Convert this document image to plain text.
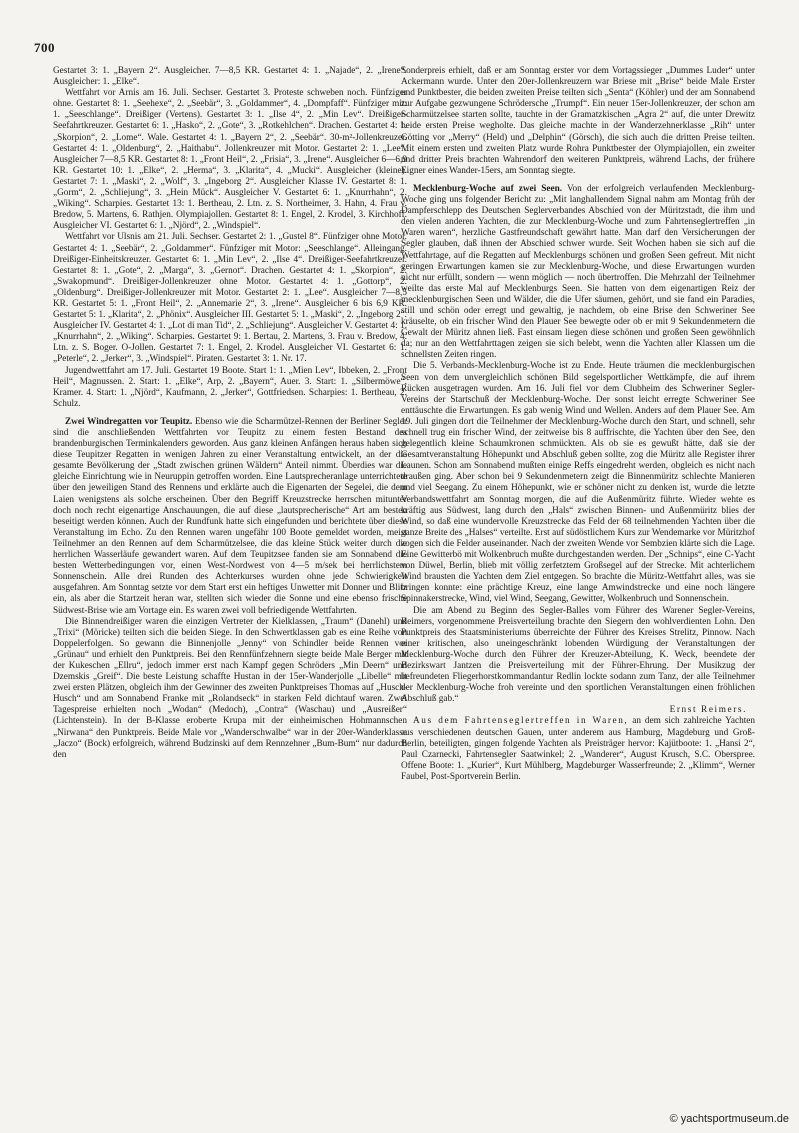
700

Gestartet 3: 1. „Bayern 2“. Ausgleicher. 7—8,5 KR. Gestartet 4: 1. „Najade“, 2. „Irene“. Ausgleicher: 1. „Elke“.

Wettfahrt vor Arnis am 16. Juli. Sechser. Gestartet 3. Proteste schweben noch. Fünfziger ohne. Gestartet 8: 1. „Seehexe“, 2. „Seebär“, 3. „Goldammer“, 4. „Dompfaff“. Fünfziger mit: 1. „Seeschlange“. Dreißiger (Vertens). Gestartet 3: 1. „Ilse 4“, 2. „Min Lev“. Dreißiger-Seefahrtkreuzer. Gestartet 6: 1. „Hasko“, 2. „Gote“, 3. „Rotkehlchen“. Drachen. Gestartet 4: 1. „Skorpion“, 2. „Lome“. Wale. Gestartet 4: 1. „Bayern 2“, 2. „Seebär“. 30-m²-Jollenkreuzer. Gestartet 4: 1. „Oldenburg“, 2. „Haithabu“. Jollenkreuzer mit Motor. Gestartet 2: 1. „Lee“. Ausgleicher 7—8,5 KR. Gestartet 8: 1. „Front Heil“, 2. „Frisia“, 3. „Irene“. Ausgleicher 6—6,9 KR. Gestartet 10: 1. „Elke“, 2. „Herma“, 3. „Klarita“, 4. „Mucki“. Ausgleicher (kleine). Gestartet 7: 1. „Maski“, 2. „Wolf“, 3. „Ingeborg 2“. Ausgleicher Klasse IV. Gestartet 8: 1. „Gorm“, 2. „Schliejung“, 3. „Hein Mück“. Ausgleicher V. Gestartet 6: 1. „Knurrhahn“, 2. „Wiking“. Scharpies. Gestartet 13: 1. Bertheau, 2. Ltn. z. S. Northeimer, 3. Hahn, 4. Frau v. Bredow, 5. Martens, 6. Rathjen. Olympiajollen. Gestartet 8: 1. Engel, 2. Krodel, 3. Kirchhoff. Ausgleicher VI. Gestartet 6: 1. „Njörd“, 2. „Windspiel“.

Wettfahrt vor Ulsnis am 21. Juli. Sechser. Gestartet 2: 1. „Gustel 8“. Fünfziger ohne Motor. Gestartet 4: 1. „Seebär“, 2. „Goldammer“. Fünfziger mit Motor: „Seeschlange“. Alleingang. Dreißiger-Einheitskreuzer. Gestartet 6: 1. „Min Lev“, 2. „Ilse 4“. Dreißiger-Seefahrtkreuzer. Gestartet 8: 1. „Gote“, 2. „Marga“, 3. „Gernot“. Drachen. Gestartet 4: 1. „Skorpion“, 2. „Swakopmund“. Dreißiger-Jollenkreuzer ohne Motor. Gestartet 4: 1. „Gottorp“, 2. „Oldenburg“. Dreißiger-Jollenkreuzer mit Motor. Gestartet 2: 1. „Lee“. Ausgleicher 7—8,5 KR. Gestartet 5: 1. „Front Heil“, 2. „Annemarie 2“, 3. „Irene“. Ausgleicher 6 bis 6,9 KR. Gestartet 5: 1. „Klarita“, 2. „Phönix“. Ausgleicher III. Gestartet 5: 1. „Maski“, 2. „Ingeborg 2“. Ausgleicher IV. Gestartet 4: 1. „Lot di man Tid“, 2. „Schliejung“. Ausgleicher V. Gestartet 4: 1. „Knurrhahn“, 2. „Wiking“. Scharpies. Gestartet 9: 1. Bertau, 2. Martens, 3. Frau v. Bredow, 4. Ltn. z. S. Boger. O-Jollen. Gestartet 7: 1. Engel, 2. Krodel. Ausgleicher VI. Gestartet 6: 1. „Peterle“, 2. „Jerker“, 3. „Windspiel“. Piraten. Gestartet 3: 1. Nr. 17.

Jugendwettfahrt am 17. Juli. Gestartet 19 Boote. Start 1: 1. „Mien Lev“, Ibbeken, 2. „Front Heil“, Magnussen. 2. Start: 1. „Elke“, Arp, 2. „Bayern“, Auer. 3. Start: 1. „Silbermöwe“, Kramer. 4. Start: 1. „Njörd“, Kaufmann, 2. „Jerker“, Gottfriedsen. Scharpies: 1. Bertheau, 2. Schulz.

Zwei Windregatten vor Teupitz. Ebenso wie die Scharmützel-Rennen der Berliner Segler sind die anschließenden Wettfahrten vor Teupitz zu einem festen Bestand des brandenburgischen Terminkalenders geworden. Aus ganz kleinen Anfängen heraus haben sich diese Teupitzer Regatten in wenigen Jahren zu einer Veranstaltung entwickelt, an der die gesamte Bevölkerung der „Stadt zwischen grünen Wäldern“ Anteil nimmt. Überdies war die gleiche Einrichtung wie in Neuruppin getroffen worden. Eine Lautsprecheranlage unterrichtete über den jeweiligen Stand des Rennens und erklärte auch die Eigenarten der Segelei, die dem Laien wenigstens als solche erscheinen. Über den Begriff Kreuzstrecke herrschen mitunter doch noch recht eigenartige Anschauungen, die auf diese „lautsprecherische“ Art am besten beseitigt werden können. Auch der Rundfunk hatte sich eingefunden und berichtete über diese Veranstaltung im Echo. Zu den Rennen waren ungefähr 100 Boote gemeldet worden, meist Teilnehmer an den Rennen auf dem Scharmützelsee, die das kleine Stück weiter durch die herrlichen Wasserläufe gewandert waren. Auf dem Teupitzsee fanden sie am Sonnabend die besten Wetterbedingungen vor, einen West-Nordwest von 4—5 m/sek bei herrlichstem Sonnenschein. Alle drei Runden des Achterkurses wurden ohne jede Schwierigkeit ausgefahren. Am Sonntag setzte vor dem Start erst ein heftiges Unwetter mit Donner und Blitz ein, als aber die Startzeit heran war, stellten sich wieder die Sonne und eine ebenso frische Südwest-Brise wie am Vortage ein. Es waren zwei voll befriedigende Wettfahrten.

Die Binnendreißiger waren die einzigen Vertreter der Kielklassen, „Traum“ (Danehl) und „Trixi“ (Möricke) teilten sich die beiden Siege. In den Schwertklassen gab es eine Reihe von Doppelerfolgen. So gewann die Binnenjolle „Jenny“ von Schindler beide Rennen vor „Grünau“ und erhielt den Punktpreis. Bei den Rennfünfzehnern siegte beide Male Berger mit der Kukeschen „Ellru“, jedoch immer erst nach Kampf gegen Schröders „Min Deern“ und Dzemskis „Greif“. Die beste Leistung schaffte Hustan in der 15er-Wanderjolle „Libelle“ mit zwei ersten Plätzen, obgleich ihm der Gewinner des zweiten Punktpreises Thomas auf „Husch-Husch“ und am Sonnabend Franke mit „Rolandseck“ in starken Feld dichtauf waren. Zwei Tagespreise erhielten noch „Wodan“ (Medoch), „Contra“ (Waschau) und „Ausreißer“ (Lichtenstein). In der B-Klasse eroberte Krupa mit der einheimischen Hohmannschen „Nirwana“ den Punktpreis. Beide Male vor „Wanderschwalbe“ war in der 20er-Wanderklasse „Jaczo“ (Bock) erfolgreich, während Budzinski auf dem Rennzehner „Bum-Bum“ nur dadurch den

Sonderpreis erhielt, daß er am Sonntag erster vor dem Vortagssieger „Dummes Luder“ unter Ackermann wurde. Unter den 20er-Jollenkreuzern war Briese mit „Brise“ beide Male Erster und Punktbester, die beiden zweiten Preise teilten sich „Senta“ (Köhler) und der am Sonnabend zur Aufgabe gezwungene Schrödersche „Trumpf“. Ein neuer 15er-Jollenkreuzer, der schon am Scharmützelsee starten sollte, tauchte in der Gramatzkischen „Agra 2“ auf, die unter Drewitz beide ersten Preise wegholte. Das gleiche machte in der Wanderzehnerklasse „Rih“ unter Götting vor „Merry“ (Held) und „Delphin“ (Görsch), die sich auch die dritten Preise teilten. Mit einem ersten und zweiten Platz wurde Rohra Punktbester der Olympiajollen, ein zweiter und dritter Preis brachten Wahrendorf den weiteren Punktpreis, während Lachs, der frühere Eigner eines Wander-15ers, am Sonntag siegte.

Mecklenburg-Woche auf zwei Seen. Von der erfolgreich verlaufenden Mecklenburg-Woche ging uns folgender Bericht zu: „Mit langhallendem Signal nahm am Montag früh der Dampferschlepp des Deutschen Seglerverbandes Abschied von der Müritzstadt, die ihm und den vielen anderen Yachten, die zur Mecklenburg-Woche und zum Fahrtenseglertreffen „in Waren waren“, herzliche Gastfreundschaft gewährt hatte. Man darf den Versicherungen der Segler glauben, daß ihnen der Abschied schwer wurde. Seit Wochen haben sie sich auf die Wettfahrtage, auf die Regatten auf Mecklenburgs schönen und großen Seen gefreut. Mit nicht geringen Erwartungen kamen sie zur Mecklenburg-Woche, und diese Erwartungen wurden nicht nur erfüllt, sondern — wenn möglich — noch übertroffen. Die Mehrzahl der Teilnehmer weilte das erste Mal auf Mecklenburgs Seen. Sie hatten von dem eigenartigen Reiz der mecklenburgischen Seen und Wälder, die die Ufer säumen, gehört, und sie fand ein Paradies, still und schön oder erregt und gewaltig, je nachdem, ob eine Brise den Schweriner See kräuselte, ob ein frischer Wind den Plauer See bewegte oder ob er mit 9 Sekundenmetern die Gewalt der Müritz ahnen ließ. Fast einsam liegen diese schönen und großen Seen gewöhnlich da; nur an den Wettfahrttagen zeigen sie sich belebt, wenn die Yachten aller Klassen um die schnellsten Zeiten ringen.

Die 5. Verbands-Mecklenburg-Woche ist zu Ende. Heute träumen die mecklenburgischen Seen von dem unvergleichlich schönen Bild segelsportlicher Wettkämpfe, die auf ihrem Rücken ausgetragen wurden. Am 16. Juli fiel vor dem Clubheim des Schweriner Segler-Vereins der Startschuß der Mecklenburg-Woche. Der sonst leicht erregte Schweriner See enttäuschte die Erwartungen. Es gab wenig Wind und Wellen. Anders auf dem Plauer See. Am 19. Juli gingen dort die Teilnehmer der Mecklenburg-Woche durch den Start, und schnell, sehr schnell trug ein frischer Wind, der zeitweise bis 8 auffrischte, die Yachten über den See, den gelegentlich kleine Schaumkronen schmückten. Als ob sie es gewußt hätte, daß sie der Gesamtveranstaltung Höhepunkt und Abschluß geben sollte, zog die Müritz alle Register ihrer Launen. Schon am Sonnabend mußten einige Reffs eingedreht werden, obgleich es nicht nach draußen ging. Aber schon bei 9 Sekundenmetern zeigt die Binnenmüritz schlechte Manieren und viel Seegang. Zu einem Höhepunkt, wie er schöner nicht zu denken ist, wurde die letzte Verbandswettfahrt am Sonntag morgen, die auf die Außenmüritz führte. Wieder wehte es kräftig aus Südwest, lang durch den „Hals“ zwischen Binnen- und Außenmüritz blies der Wind, so daß eine wundervolle Kreuzstrecke das Feld der 68 teilnehmenden Yachten über die ganze Breite des „Halses“ verteilte. Erst auf südöstlichem Kurs zur Wendemarke vor Müritzhof zogen sich die Felder auseinander. Nach der zweiten Wende vor Sembzien klärte sich die Lage. Eine Gewitterbö mit Wolkenbruch mußte durchgestanden werden. Der „Schnips“, eine C-Yacht von Düwel, Berlin, blieb mit völlig zerfetztem Großsegel auf der Strecke. Mit achterlichem Wind brausten die Yachten dem Ziel entgegen. So brachte die Müritz-Wettfahrt alles, was sie bringen konnte: eine prächtige Kreuz, eine lange Amwindstrecke und eine noch längere Spinnakerstrecke, Wind, viel Wind, Seegang, Gewitter, Wolkenbruch und Sonnenschein.

Die am Abend zu Beginn des Segler-Balles vom Führer des Warener Segler-Vereins, Reimers, vorgenommene Preisverteilung brachte den Siegern den wohlverdienten Lohn. Den Punktpreis des Staatsministeriums überreichte der Führer des Kreises Strelitz, Pinnow. Nach einer kritischen, also uneingeschränkt lobenden Würdigung der Veranstaltungen der Mecklenburg-Woche durch den Führer der Kreuzer-Abteilung, K. Weck, beendete der Bezirkswart Jantzen die Preisverteilung mit der Führer-Ehrung. Der Musikzug der befreundeten Fliegerhorstkommandantur Redlin lockte sodann zum Tanz, der alle Teilnehmer der Mecklenburg-Woche froh vereinte und den sportlichen Veranstaltungen einen fröhlichen Abschluß gab.“

Ernst Reimers.

Aus dem Fahrtenseglertreffen in Waren, an dem sich zahlreiche Yachten aus verschiedenen deutschen Gauen, unter anderem aus Hamburg, Magdeburg und Groß-Berlin, beteiligten, gingen folgende Yachten als Preisträger hervor: Kajütboote: 1. „Hansi 2“, Paul Czarnecki, Fahrtensegler Saatwinkel; 2. „Wanderer“, August Krusch, S.C. Oberspree. Offene Boote: 1. „Kurier“, Kurt Mühlberg, Magdeburger Wasserfreunde; 2. „Klimm“, Werner Faubel, Post-Sportverein Berlin.

© yachtsportmuseum.de
